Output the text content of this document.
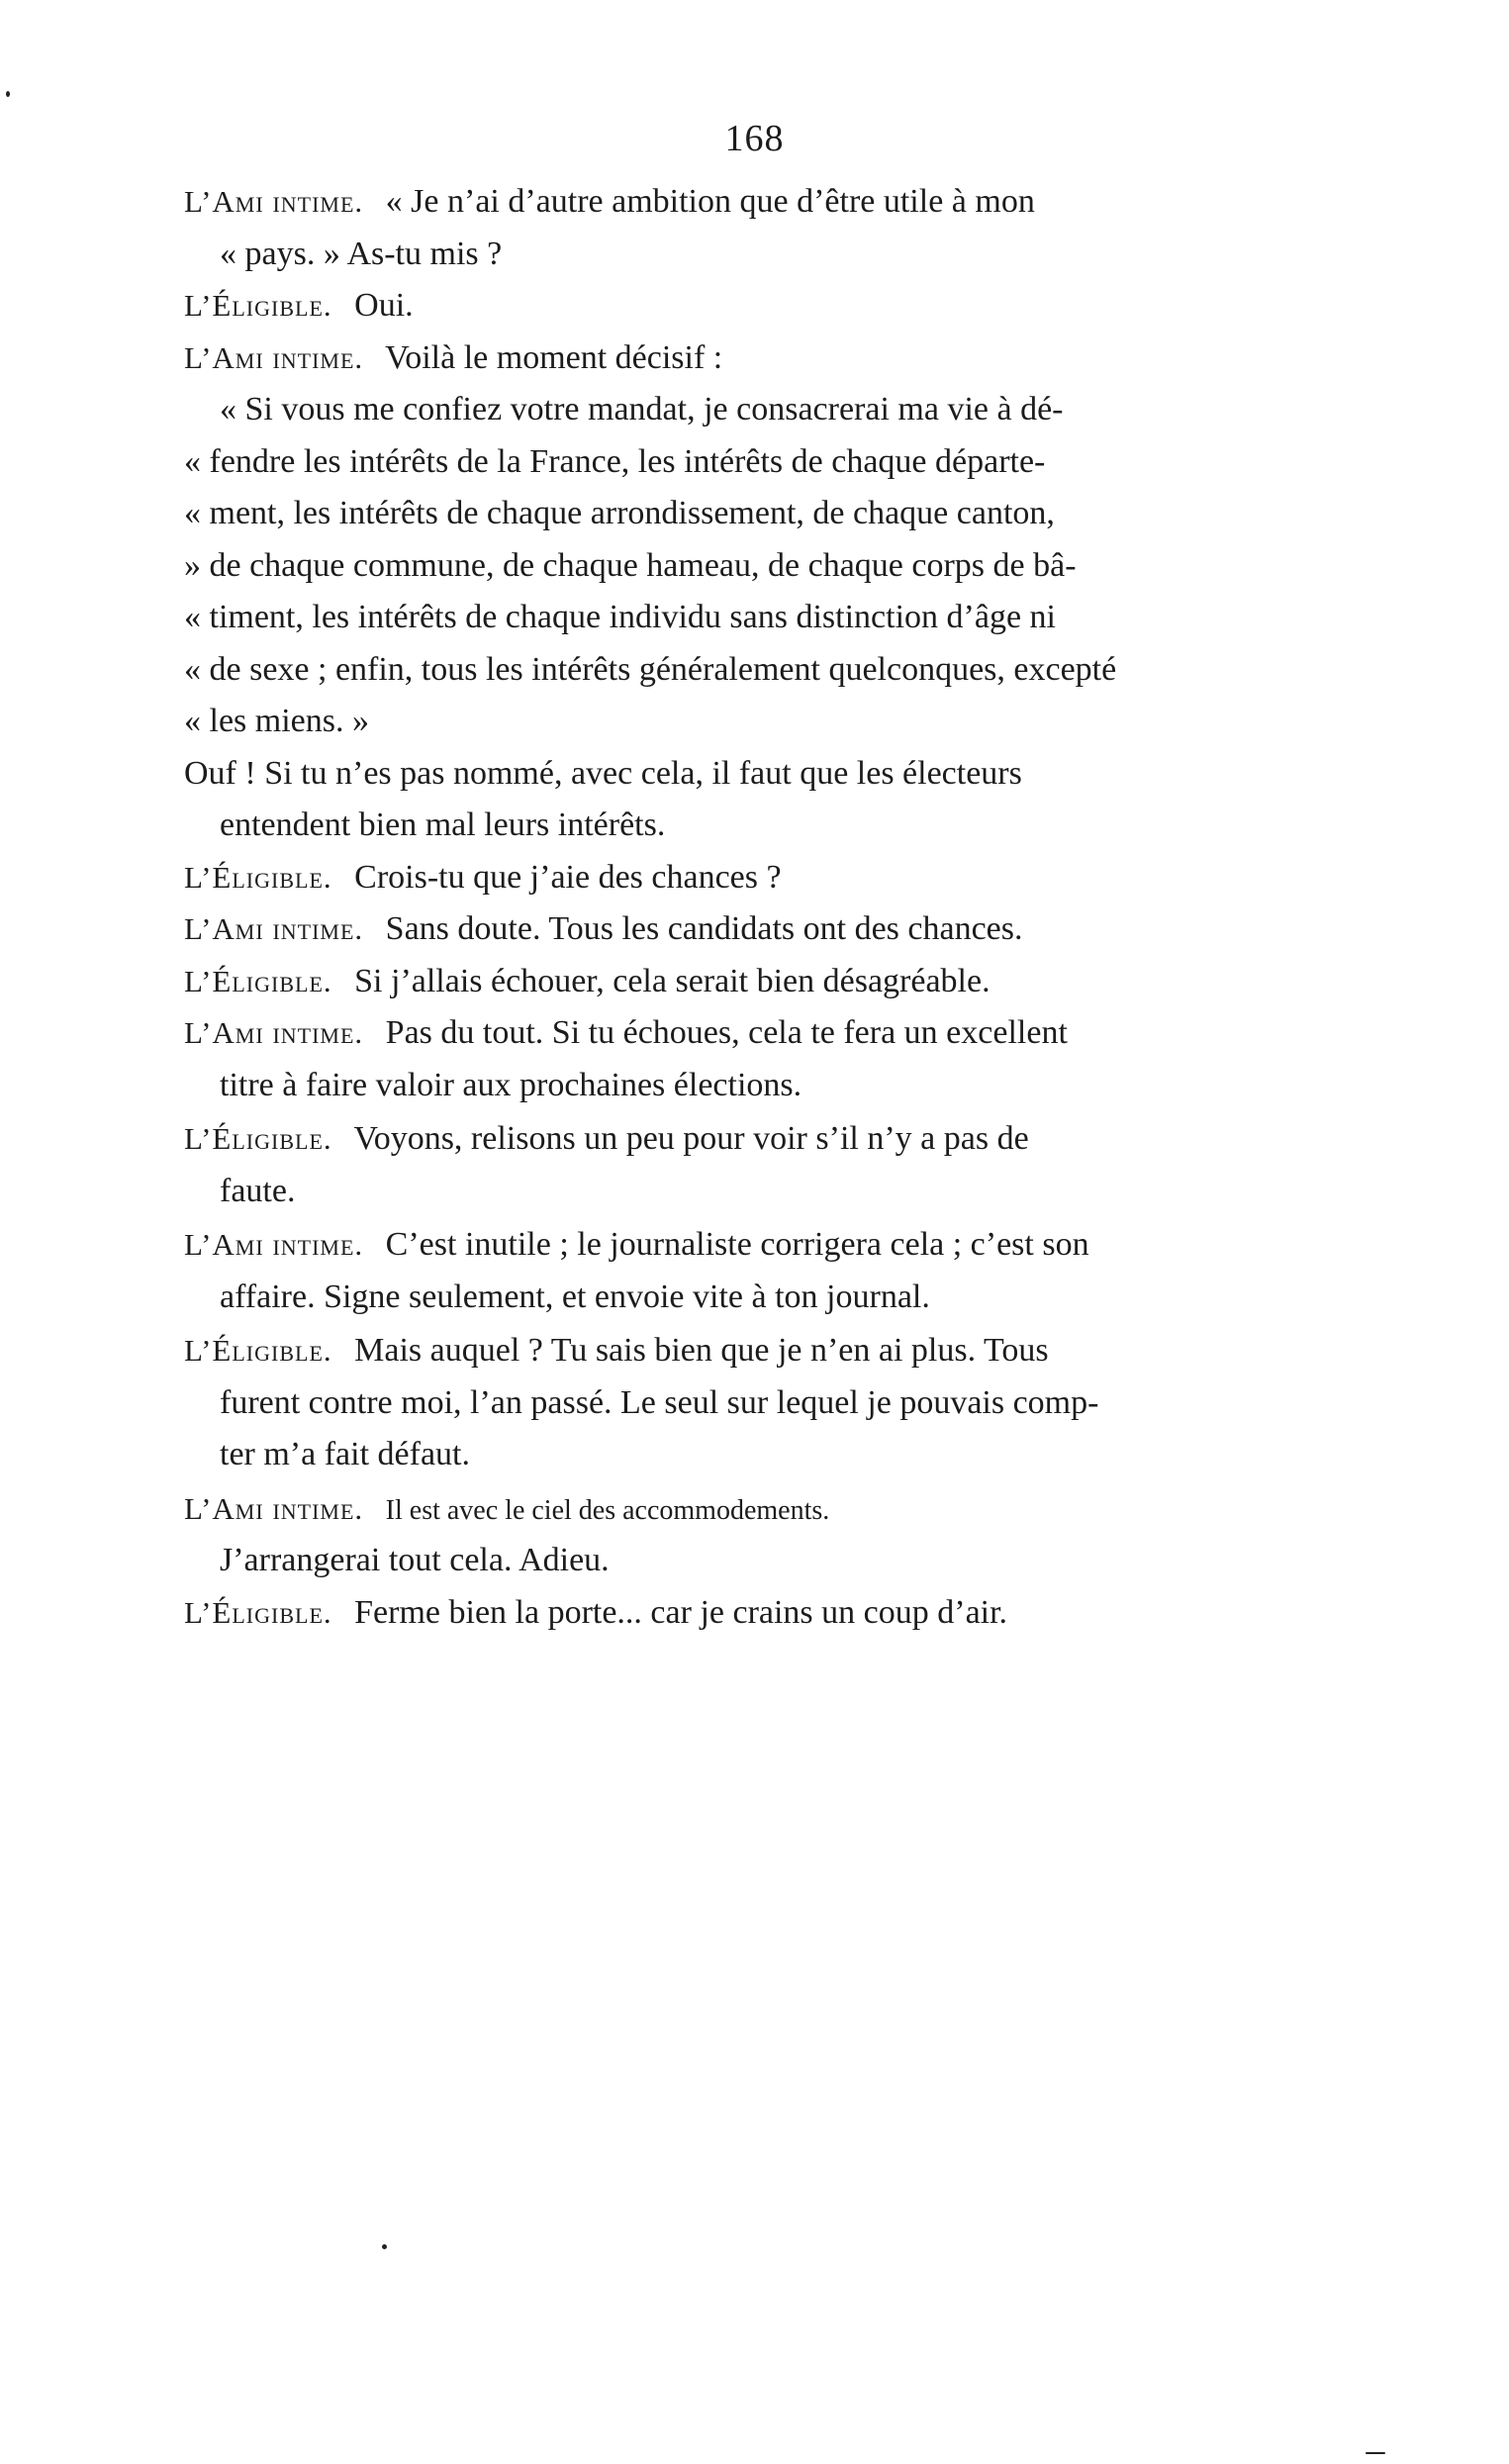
168
L’Ami intime. « Je n’ai d’autre ambition que d’être utile à mon
« pays. » As-tu mis ?
L’Éligible. Oui.
L’Ami intime. Voilà le moment décisif :
« Si vous me confiez votre mandat, je consacrerai ma vie à dé-
« fendre les intérêts de la France, les intérêts de chaque départe-
« ment, les intérêts de chaque arrondissement, de chaque canton,
» de chaque commune, de chaque hameau, de chaque corps de bâ-
« timent, les intérêts de chaque individu sans distinction d’âge ni
« de sexe ; enfin, tous les intérêts généralement quelconques, excepté
« les miens. »
Ouf ! Si tu n’es pas nommé, avec cela, il faut que les électeurs
entendent bien mal leurs intérêts.
L’Éligible. Crois-tu que j’aie des chances ?
L’Ami intime. Sans doute. Tous les candidats ont des chances.
L’Éligible. Si j’allais échouer, cela serait bien désagréable.
L’Ami intime. Pas du tout. Si tu échoues, cela te fera un excellent
titre à faire valoir aux prochaines élections.
L’Éligible. Voyons, relisons un peu pour voir s’il n’y a pas de
faute.
L’Ami intime. C’est inutile ; le journaliste corrigera cela ; c’est son
affaire. Signe seulement, et envoie vite à ton journal.
L’Éligible. Mais auquel ? Tu sais bien que je n’en ai plus. Tous
furent contre moi, l’an passé. Le seul sur lequel je pouvais comp-
ter m’a fait défaut.
L’Ami intime. Il est avec le ciel des accommodements.
J’arrangerai tout cela. Adieu.
L’Éligible. Ferme bien la porte... car je crains un coup d’air.
